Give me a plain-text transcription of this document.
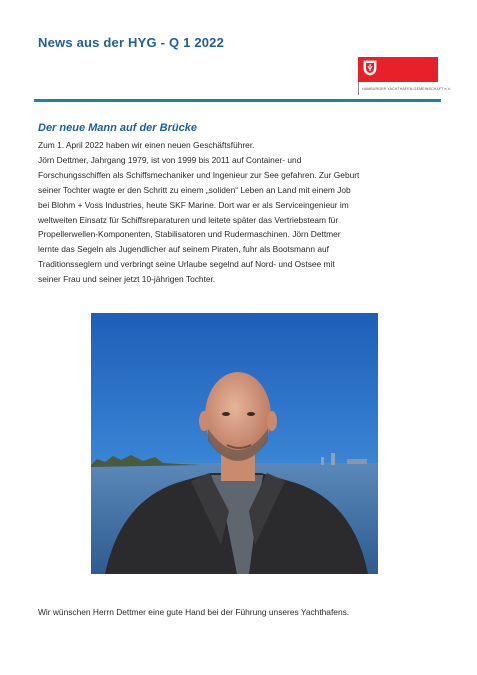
News aus der HYG - Q 1 2022
HAMBURGER YACHTHAFEN-GEMEINSCHAFT e.V.
Der neue Mann auf der Brücke

Zum 1. April 2022 haben wir einen neuen Geschäftsführer.

Jörn Dettmer, Jahrgang 1979, ist von 1999 bis 2011 auf Container- und

Forschungsschiffen als Schiffsmechaniker und Ingenieur zur See gefahren. Zur Geburt

seiner Tochter wagte er den Schritt zu einem „soliden“ Leben an Land mit einem Job

bei Blohm + Voss Industries, heute SKF Marine. Dort war er als Serviceingenieur im

weltweiten Einsatz für Schiffsreparaturen und leitete später das Vertriebsteam für

Propellerwellen-Komponenten, Stabilisatoren und Rudermaschinen. Jörn Dettmer

lernte das Segeln als Jugendlicher auf seinem Piraten, fuhr als Bootsmann auf

Traditionsseglern und verbringt seine Urlaube segelnd auf Nord- und Ostsee mit

seiner Frau und seiner jetzt 10-jährigen Tochter.

Wir wünschen Herrn Dettmer eine gute Hand bei der Führung unseres Yachthafens.
